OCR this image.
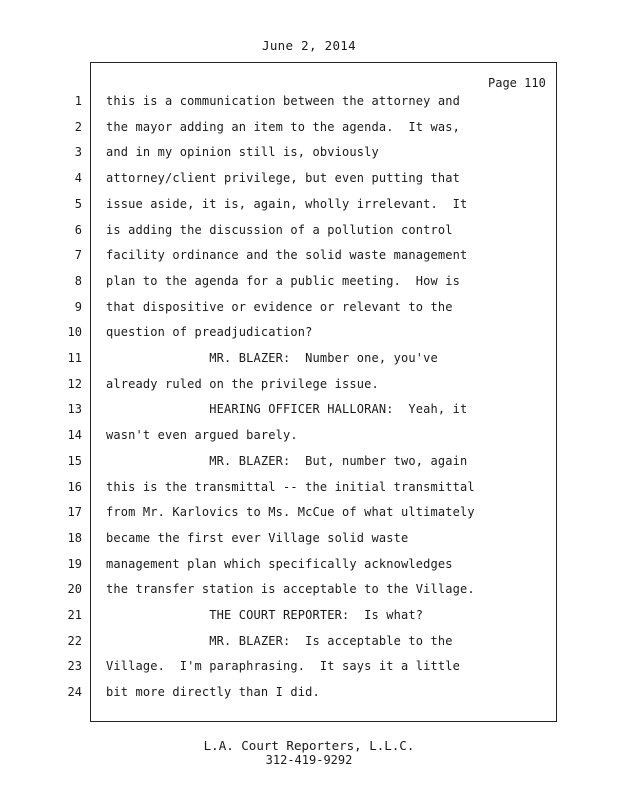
June 2, 2014
Page 110
1 this is a communication between the attorney and
2 the mayor adding an item to the agenda.  It was,
3 and in my opinion still is, obviously
4 attorney/client privilege, but even putting that
5 issue aside, it is, again, wholly irrelevant.  It
6 is adding the discussion of a pollution control
7 facility ordinance and the solid waste management
8 plan to the agenda for a public meeting.  How is
9 that dispositive or evidence or relevant to the
10 question of preadjudication?
11 MR. BLAZER:  Number one, you've
12 already ruled on the privilege issue.
13 HEARING OFFICER HALLORAN:  Yeah, it
14 wasn't even argued barely.
15 MR. BLAZER:  But, number two, again
16 this is the transmittal -- the initial transmittal
17 from Mr. Karlovics to Ms. McCue of what ultimately
18 became the first ever Village solid waste
19 management plan which specifically acknowledges
20 the transfer station is acceptable to the Village.
21 THE COURT REPORTER:  Is what?
22 MR. BLAZER:  Is acceptable to the
23 Village.  I'm paraphrasing.  It says it a little
24 bit more directly than I did.
L.A. Court Reporters, L.L.C.
312-419-9292
